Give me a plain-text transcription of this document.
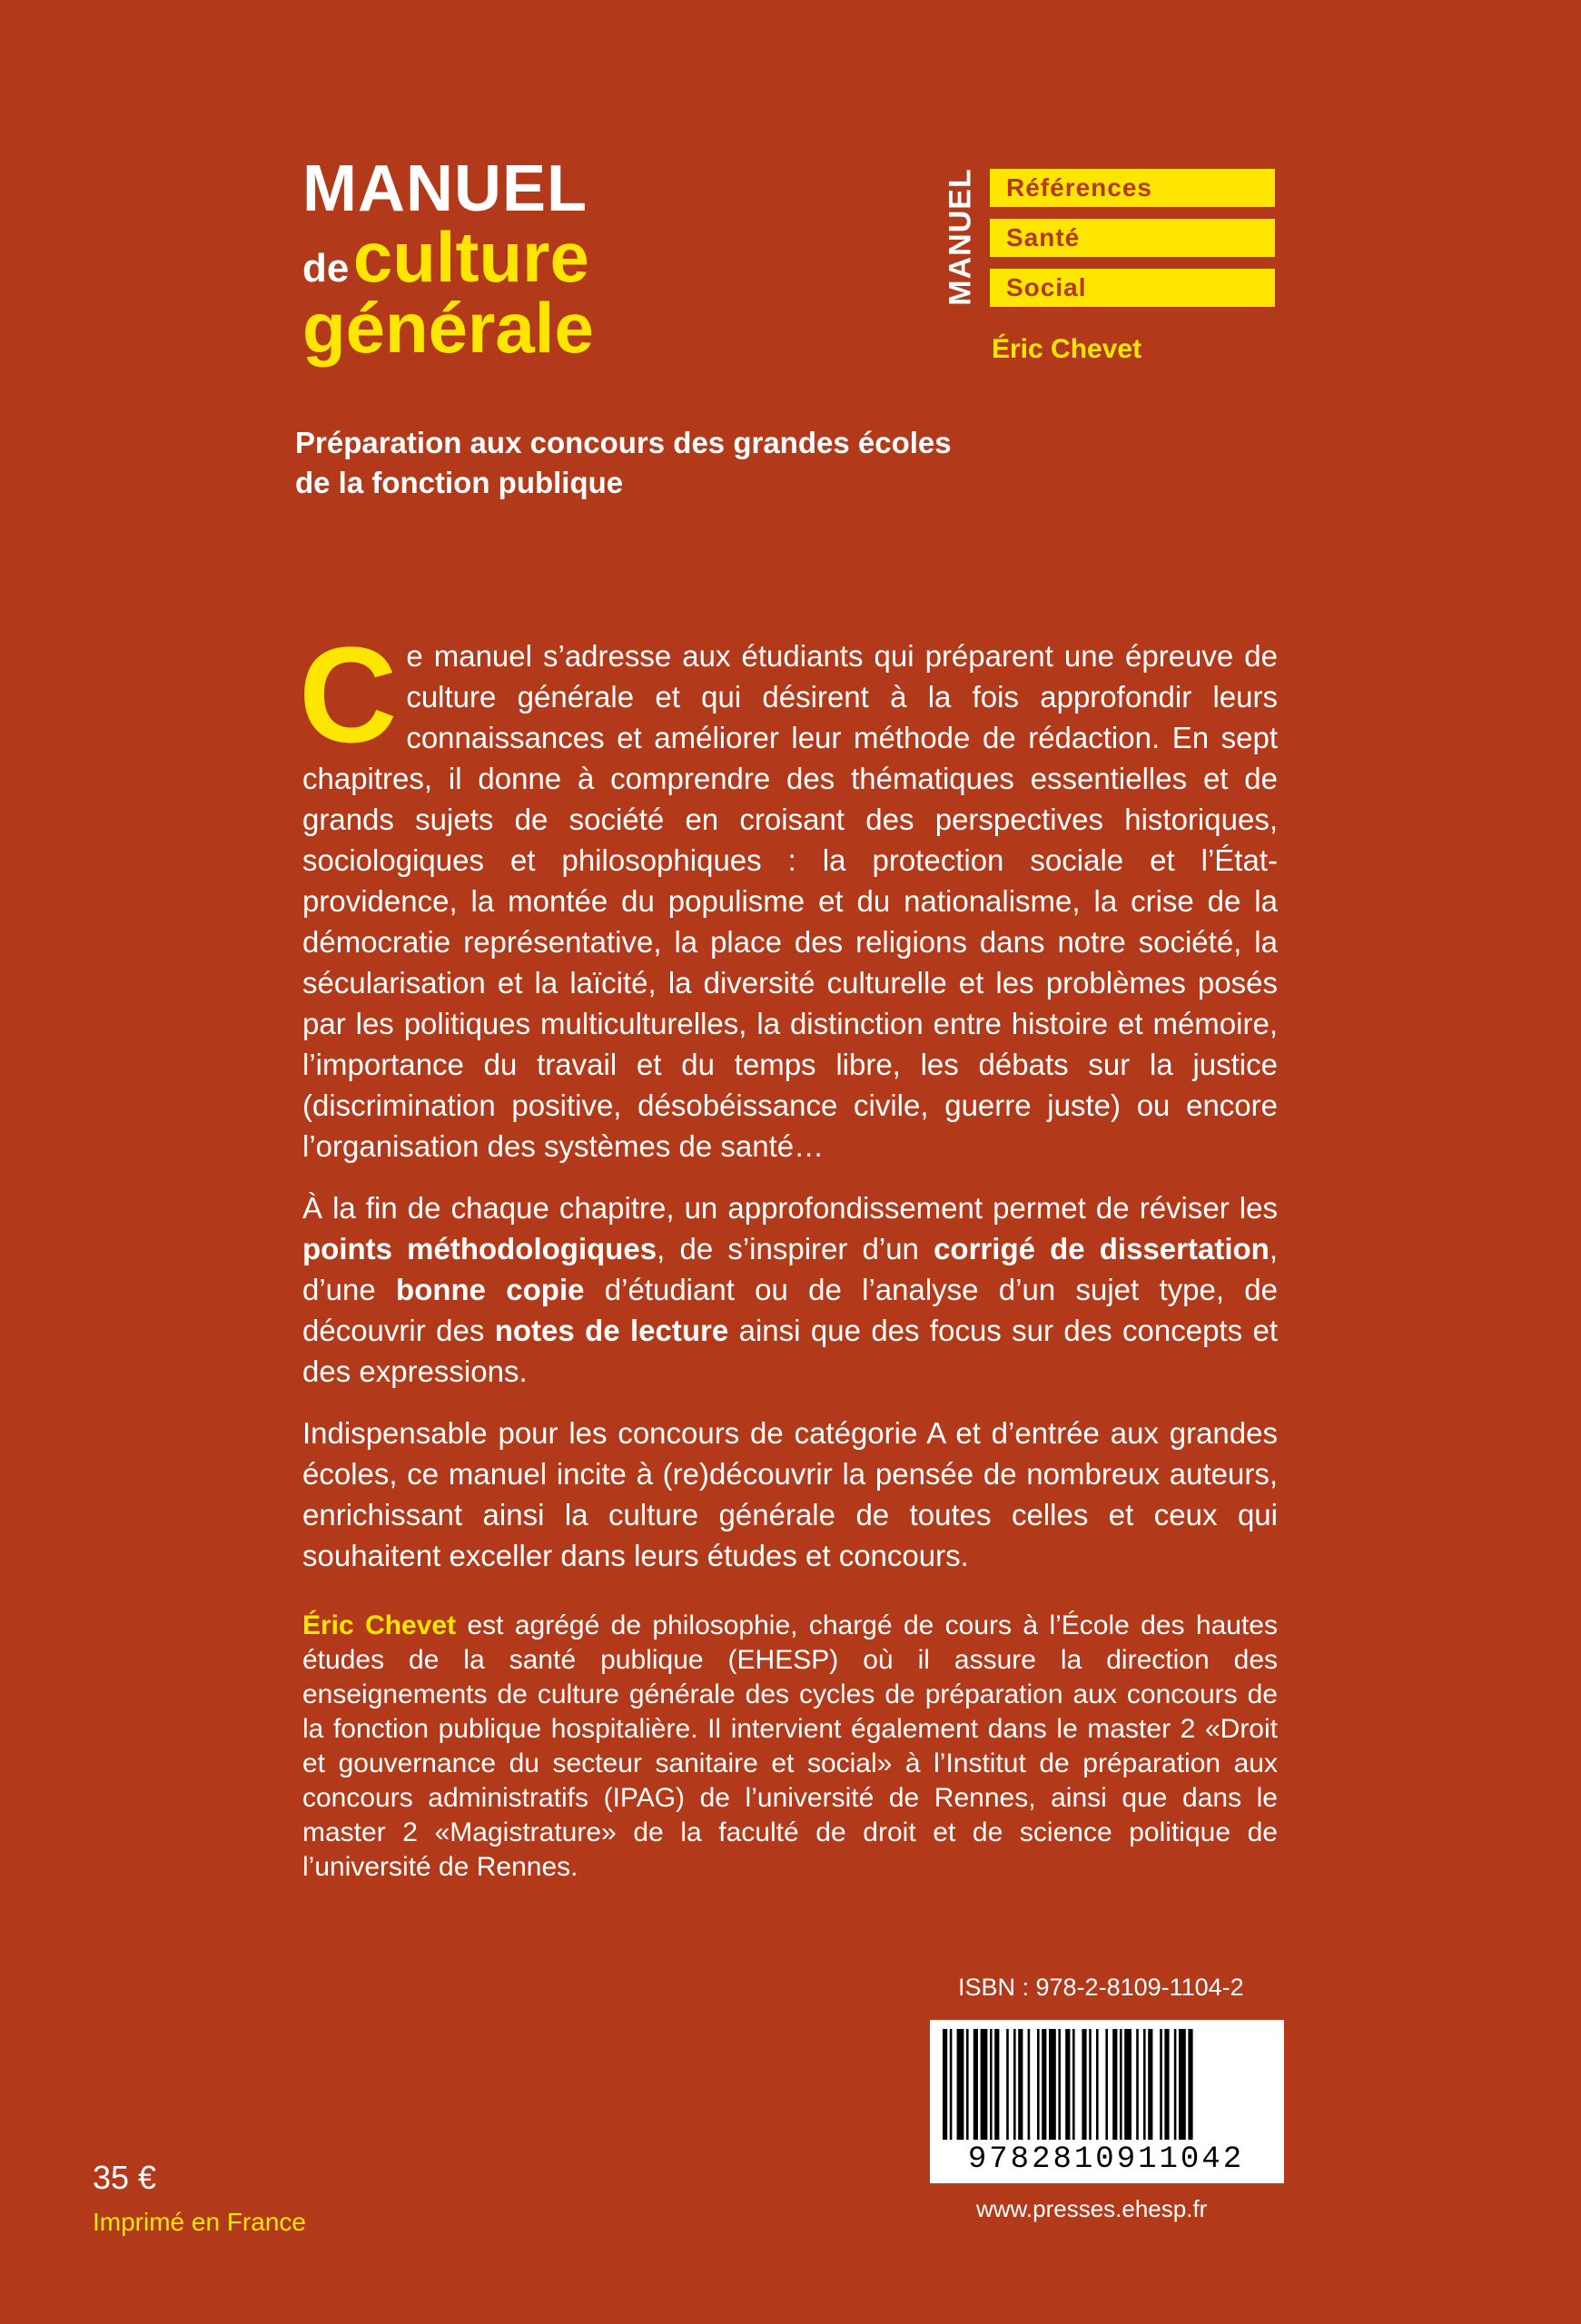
MANUEL
de culture
générale
MANUEL	Références
Santé
Social
Éric Chevet
Préparation aux concours des grandes écoles
de la fonction publique
Ce manuel s’adresse aux étudiants qui préparent une épreuve de culture générale et qui désirent à la fois approfondir leurs connaissances et améliorer leur méthode de rédaction. En sept chapitres, il donne à comprendre des thématiques essentielles et de grands sujets de société en croisant des perspectives historiques, sociologiques et philosophiques : la protection sociale et l’État-providence, la montée du populisme et du nationalisme, la crise de la démocratie représentative, la place des religions dans notre société, la sécularisation et la laïcité, la diversité culturelle et les problèmes posés par les politiques multiculturelles, la distinction entre histoire et mémoire, l’importance du travail et du temps libre, les débats sur la justice (discrimination positive, désobéissance civile, guerre juste) ou encore l’organisation des systèmes de santé…
À la fin de chaque chapitre, un approfondissement permet de réviser les points méthodologiques, de s’inspirer d’un corrigé de dissertation, d’une bonne copie d’étudiant ou de l’analyse d’un sujet type, de découvrir des notes de lecture ainsi que des focus sur des concepts et des expressions.
Indispensable pour les concours de catégorie A et d’entrée aux grandes écoles, ce manuel incite à (re)découvrir la pensée de nombreux auteurs, enrichissant ainsi la culture générale de toutes celles et ceux qui souhaitent exceller dans leurs études et concours.
Éric Chevet est agrégé de philosophie, chargé de cours à l’École des hautes études de la santé publique (EHESP) où il assure la direction des enseignements de culture générale des cycles de préparation aux concours de la fonction publique hospitalière. Il intervient également dans le master 2 «Droit et gouvernance du secteur sanitaire et social» à l’Institut de préparation aux concours administratifs (IPAG) de l’université de Rennes, ainsi que dans le master 2 «Magistrature» de la faculté de droit et de science politique de l’université de Rennes.
ISBN : 978-2-8109-1104-2
9782810911042
www.presses.ehesp.fr
35 €
Imprimé en France
